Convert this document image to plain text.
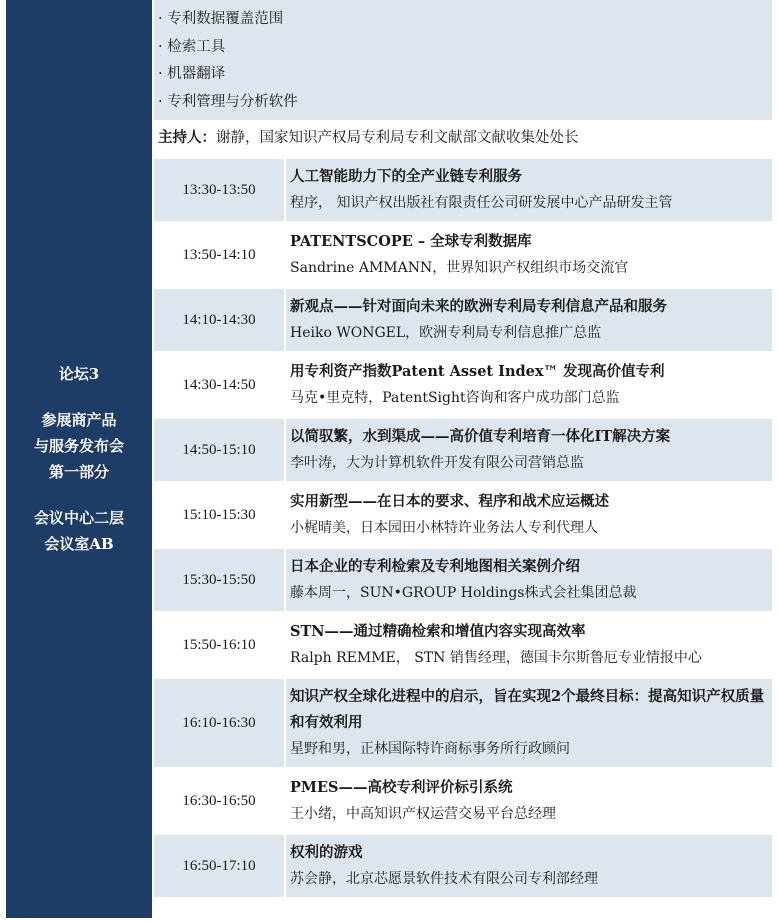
论坛3
参展商产品
与服务发布会
第一部分
会议中心二层
会议室AB
· 专利数据覆盖范围
· 检索工具
· 机器翻译
· 专利管理与分析软件
主持人：谢静，国家知识产权局专利局专利文献部文献收集处处长
13:30-13:50
人工智能助力下的全产业链专利服务
程序， 知识产权出版社有限责任公司研发展中心产品研发主管
13:50-14:10
PATENTSCOPE – 全球专利数据库
Sandrine AMMANN，世界知识产权组织市场交流官
14:10-14:30
新观点——针对面向未来的欧洲专利局专利信息产品和服务
Heiko WONGEL，欧洲专利局专利信息推广总监
14:30-14:50
用专利资产指数Patent Asset Index™ 发现高价值专利
马克•里克特，PatentSight咨询和客户成功部门总监
14:50-15:10
以简驭繁，水到渠成——高价值专利培育一体化IT解决方案
李叶涛，大为计算机软件开发有限公司营销总监
15:10-15:30
实用新型——在日本的要求、程序和战术应运概述
小梶晴美，日本园田小林特许业务法人专利代理人
15:30-15:50
日本企业的专利检索及专利地图相关案例介绍
藤本周一，SUN•GROUP Holdings株式会社集团总裁
15:50-16:10
STN——通过精确检索和增值内容实现高效率
Ralph REMME， STN 销售经理，德国卡尔斯鲁厄专业情报中心
16:10-16:30
知识产权全球化进程中的启示，旨在实现2个最终目标：提高知识产权质量和有效利用
星野和男，正林国际特许商标事务所行政顾问
16:30-16:50
PMES——高校专利评价标引系统
王小绪，中高知识产权运营交易平台总经理
16:50-17:10
权利的游戏
苏会静，北京芯愿景软件技术有限公司专利部经理
